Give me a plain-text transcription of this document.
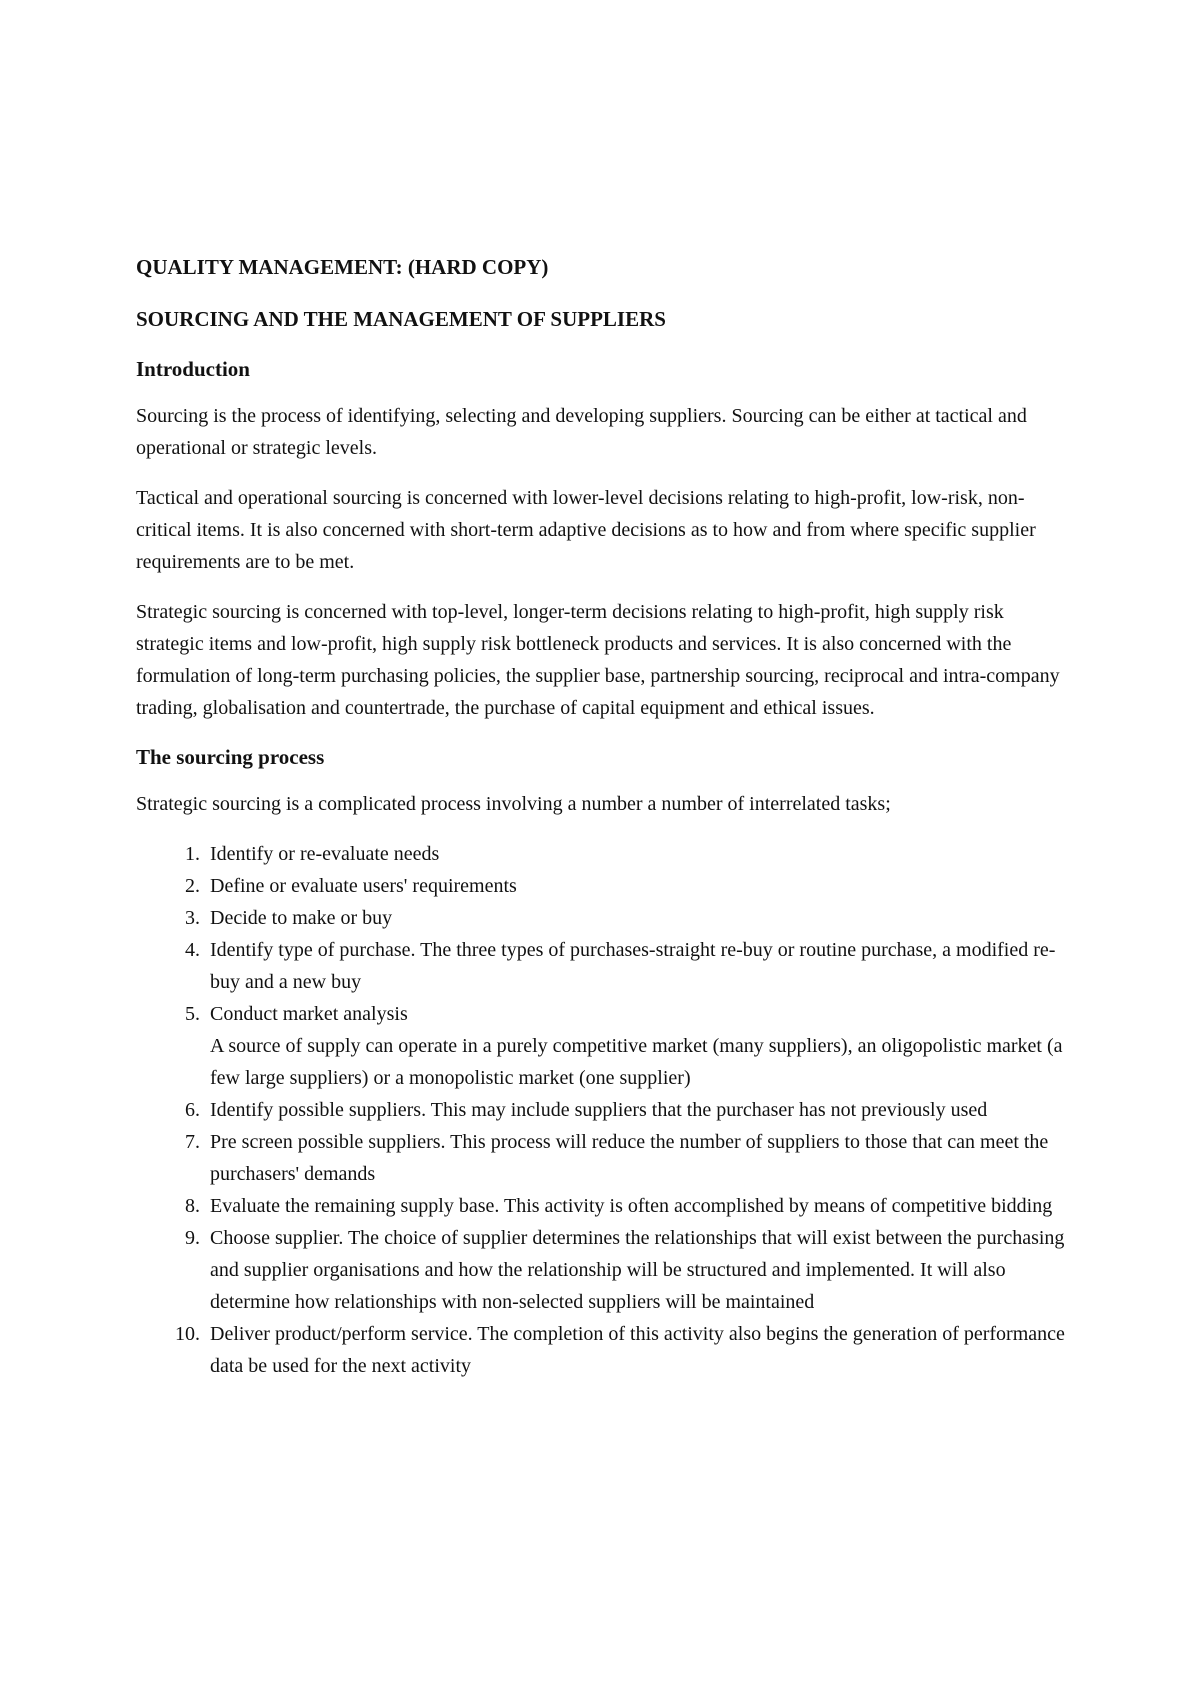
QUALITY MANAGEMENT: (HARD COPY)
SOURCING AND THE MANAGEMENT OF SUPPLIERS
Introduction

Sourcing is the process of identifying, selecting and developing suppliers. Sourcing can be either at tactical and operational or strategic levels.

Tactical and operational sourcing is concerned with lower-level decisions relating to high-profit, low-risk, non-critical items. It is also concerned with short-term adaptive decisions as to how and from where specific supplier requirements are to be met.

Strategic sourcing is concerned with top-level, longer-term decisions relating to high-profit, high supply risk strategic items and low-profit, high supply risk bottleneck products and services. It is also concerned with the formulation of long-term purchasing policies, the supplier base, partnership sourcing, reciprocal and intra-company trading, globalisation and countertrade, the purchase of capital equipment and ethical issues.

The sourcing process

Strategic sourcing is a complicated process involving a number a number of interrelated tasks;

1. Identify or re-evaluate needs
2. Define or evaluate users' requirements
3. Decide to make or buy
4. Identify type of purchase. The three types of purchases-straight re-buy or routine purchase, a modified re-buy and a new buy
5. Conduct market analysis
A source of supply can operate in a purely competitive market (many suppliers), an oligopolistic market (a few large suppliers) or a monopolistic market (one supplier)
6. Identify possible suppliers. This may include suppliers that the purchaser has not previously used
7. Pre screen possible suppliers. This process will reduce the number of suppliers to those that can meet the purchasers' demands
8. Evaluate the remaining supply base. This activity is often accomplished by means of competitive bidding
9. Choose supplier. The choice of supplier determines the relationships that will exist between the purchasing and supplier organisations and how the relationship will be structured and implemented. It will also determine how relationships with non-selected suppliers will be maintained
10. Deliver product/perform service. The completion of this activity also begins the generation of performance data be used for the next activity
